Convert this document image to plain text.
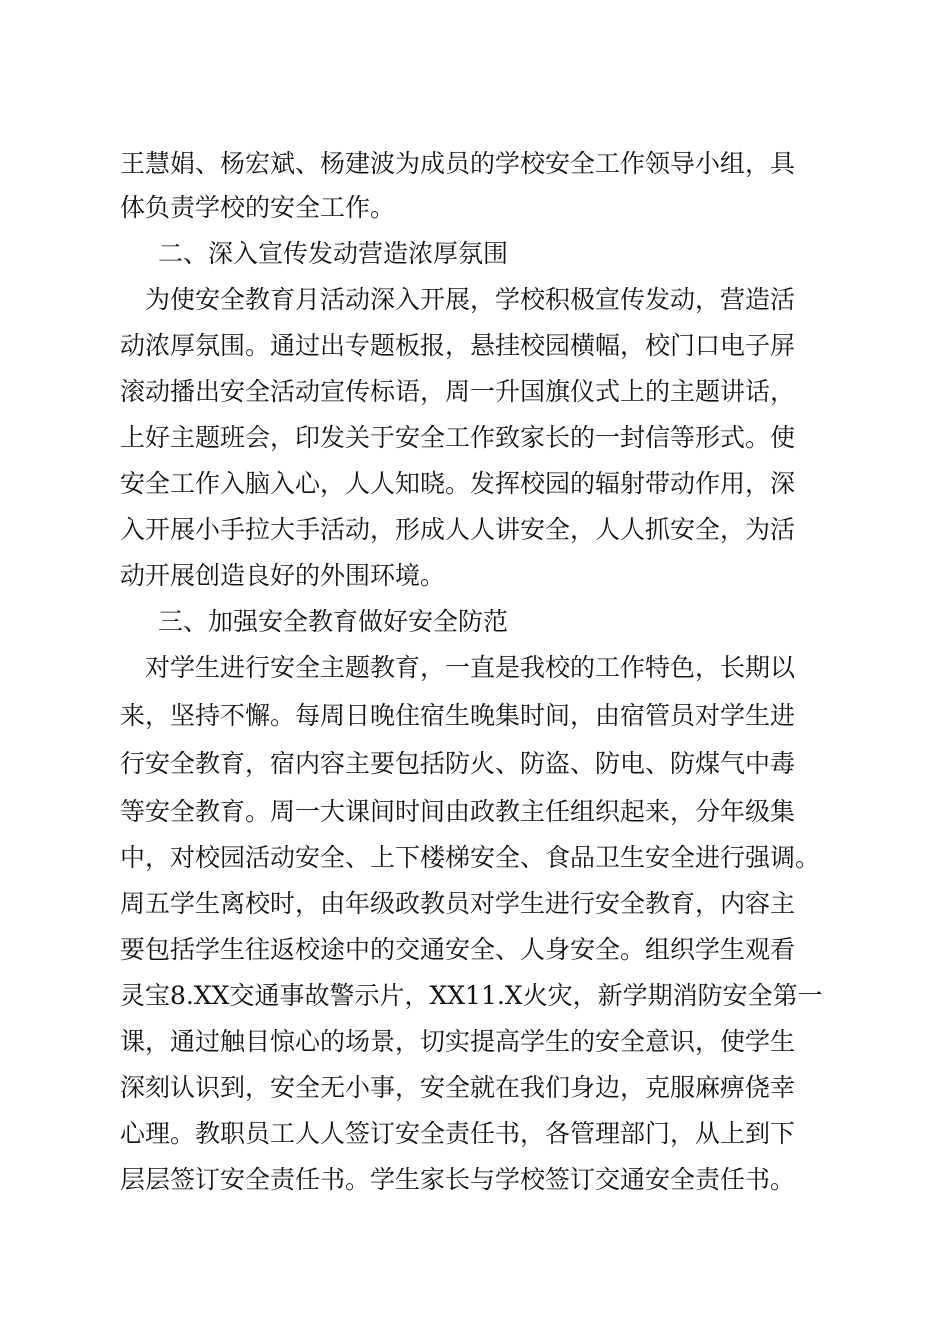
王慧娟、杨宏斌、杨建波为成员的学校安全工作领导小组，具
体负责学校的安全工作。
二、深入宣传发动营造浓厚氛围
　为使安全教育月活动深入开展，学校积极宣传发动，营造活
动浓厚氛围。通过出专题板报，悬挂校园横幅，校门口电子屏
滚动播出安全活动宣传标语，周一升国旗仪式上的主题讲话，
上好主题班会，印发关于安全工作致家长的一封信等形式。使
安全工作入脑入心，人人知晓。发挥校园的辐射带动作用，深
入开展小手拉大手活动，形成人人讲安全，人人抓安全，为活
动开展创造良好的外围环境。
三、加强安全教育做好安全防范
　对学生进行安全主题教育，一直是我校的工作特色，长期以
来，坚持不懈。每周日晚住宿生晚集时间，由宿管员对学生进
行安全教育，宿内容主要包括防火、防盗、防电、防煤气中毒
等安全教育。周一大课间时间由政教主任组织起来，分年级集
中，对校园活动安全、上下楼梯安全、食品卫生安全进行强调。
周五学生离校时，由年级政教员对学生进行安全教育，内容主
要包括学生往返校途中的交通安全、人身安全。组织学生观看
灵宝8.XX交通事故警示片，XX11.X火灾，新学期消防安全第一
课，通过触目惊心的场景，切实提高学生的安全意识，使学生
深刻认识到，安全无小事，安全就在我们身边，克服麻痹侥幸
心理。教职员工人人签订安全责任书，各管理部门，从上到下
层层签订安全责任书。学生家长与学校签订交通安全责任书。
